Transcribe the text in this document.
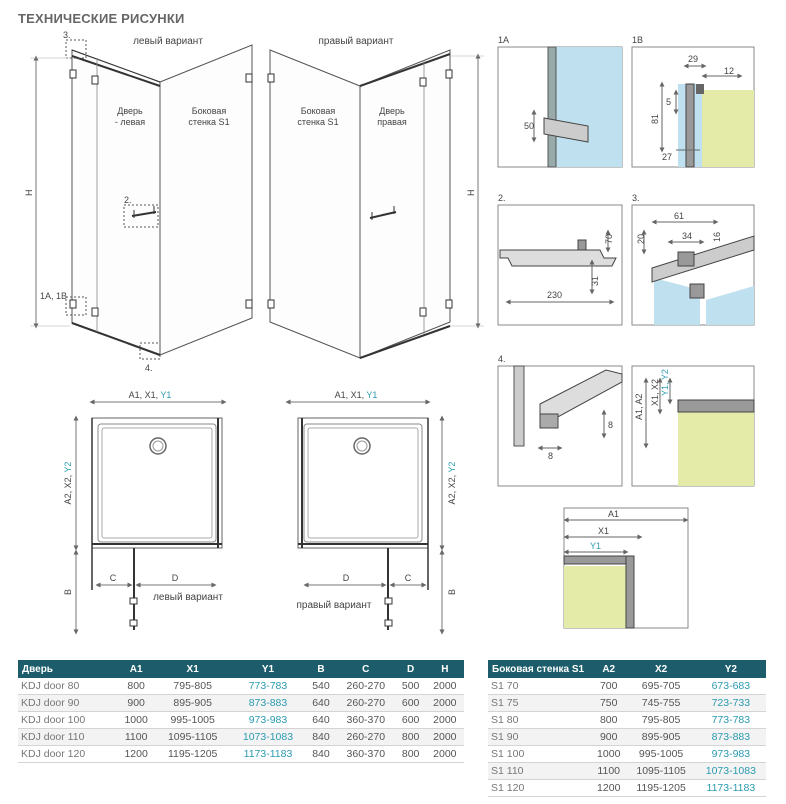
ТЕХНИЧЕСКИЕ РИСУНКИ
3.
левый вариант
Дверь
- левая
Боковая
стенка S1
2.
1A, 1B
4.
H
правый вариант
Боковая
стенка S1
Дверь
правая
H
A1, X1, Y1
A2, X2, Y2
B
C	D
левый вариант
A1, X1, Y1
A2, X2, Y2
B
D	C
правый вариант
1A
50
1B
29
12
5
81
27
2.
70
31
230
3.
61
34
20	16
4.
8
8
A1, A2
X1, X2 Y1, Y2
A1
X1
Y1
Дверь	A1	X1	Y1	B	C	D	H
KDJ door 80	800	795-805	773-783	540	260-270	500	2000
KDJ door 90	900	895-905	873-883	640	260-270	600	2000
KDJ door 100	1000	995-1005	973-983	640	360-370	600	2000
KDJ door 110	1100	1095-1105	1073-1083	840	260-270	800	2000
KDJ door 120	1200	1195-1205	1173-1183	840	360-370	800	2000
Боковая стенка S1	A2	X2	Y2
S1 70	700	695-705	673-683
S1 75	750	745-755	723-733
S1 80	800	795-805	773-783
S1 90	900	895-905	873-883
S1 100	1000	995-1005	973-983
S1 110	1100	1095-1105	1073-1083
S1 120	1200	1195-1205	1173-1183
